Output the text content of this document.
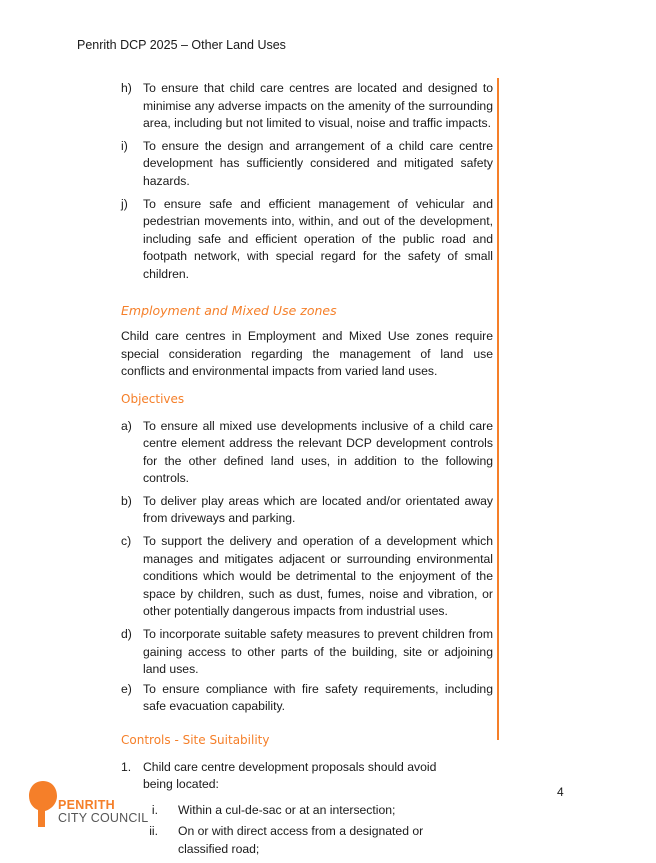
Penrith DCP 2025 – Other Land Uses
h) To ensure that child care centres are located and designed to minimise any adverse impacts on the amenity of the surrounding area, including but not limited to visual, noise and traffic impacts.
i)	To ensure the design and arrangement of a child care centre development has sufficiently considered and mitigated safety hazards.
j)	To ensure safe and efficient management of vehicular and pedestrian movements into, within, and out of the development, including safe and efficient operation of the public road and footpath network, with special regard for the safety of small children.
Employment and Mixed Use zones

Child care centres in Employment and Mixed Use zones require special consideration regarding the management of land use conflicts and environmental impacts from varied land uses.

Objectives
a) To ensure all mixed use developments inclusive of a child care centre element address the relevant DCP development controls for the other defined land uses, in addition to the following controls.
b) To deliver play areas which are located and/or orientated away from driveways and parking.
c) To support the delivery and operation of a development which manages and mitigates adjacent or surrounding environmental conditions which would be detrimental to the enjoyment of the space by children, such as dust, fumes, noise and vibration, or other potentially dangerous impacts from industrial uses.
d) To incorporate suitable safety measures to prevent children from gaining access to other parts of the building, site or adjoining land uses.
e) To ensure compliance with fire safety requirements, including safe evacuation capability.
Controls - Site Suitability
1. Child care centre development proposals should avoid being located:
i.	Within a cul-de-sac or at an intersection;
ii.	On or with direct access from a designated or classified road;
4
PENRITH
CITY COUNCIL
